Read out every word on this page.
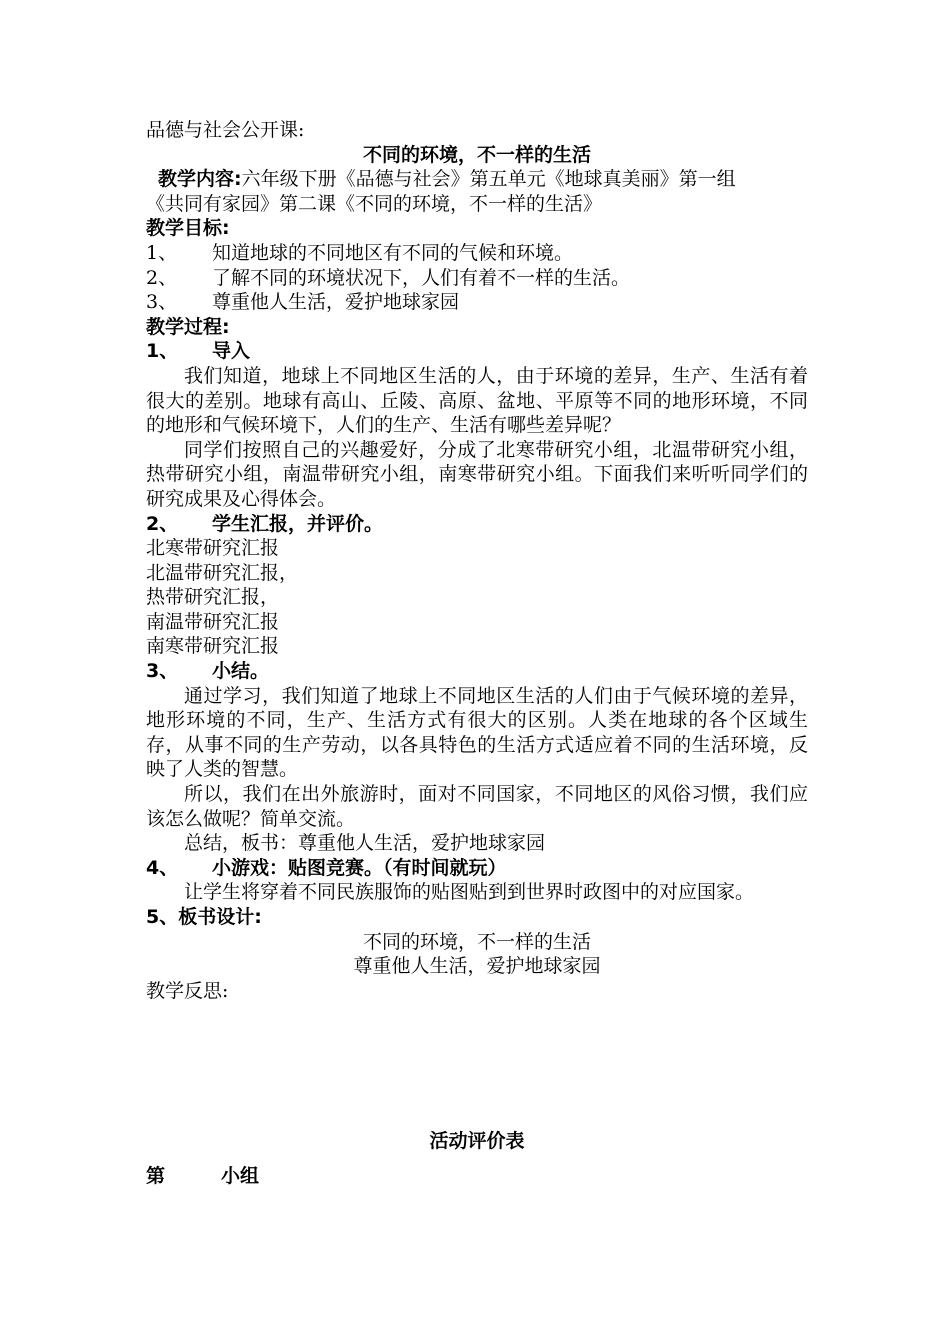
品德与社会公开课:
不同的环境，不一样的生活
教学内容:六年级下册《品德与社会》第五单元《地球真美丽》第一组
《共同有家园》第二课《不同的环境，不一样的生活》
教学目标:
1、 知道地球的不同地区有不同的气候和环境。
2、 了解不同的环境状况下，人们有着不一样的生活。
3、 尊重他人生活，爱护地球家园
教学过程:
1、 导入
我们知道，地球上不同地区生活的人，由于环境的差异，生产、生活有着很大的差别。地球有高山、丘陵、高原、盆地、平原等不同的地形环境，不同的地形和气候环境下，人们的生产、生活有哪些差异呢？
同学们按照自己的兴趣爱好，分成了北寒带研究小组，北温带研究小组，热带研究小组，南温带研究小组，南寒带研究小组。下面我们来听听同学们的研究成果及心得体会。
2、 学生汇报，并评价。
北寒带研究汇报
北温带研究汇报，
热带研究汇报，
南温带研究汇报
南寒带研究汇报
3、 小结。
通过学习，我们知道了地球上不同地区生活的人们由于气候环境的差异，地形环境的不同，生产、生活方式有很大的区别。人类在地球的各个区域生存，从事不同的生产劳动，以各具特色的生活方式适应着不同的生活环境，反映了人类的智慧。
所以，我们在出外旅游时，面对不同国家，不同地区的风俗习惯，我们应该怎么做呢？简单交流。
总结，板书：尊重他人生活，爱护地球家园
4、 小游戏：贴图竞赛。（有时间就玩）
让学生将穿着不同民族服饰的贴图贴到到世界时政图中的对应国家。
5、板书设计:
不同的环境，不一样的生活
尊重他人生活，爱护地球家园
教学反思:
活动评价表
第	小组
